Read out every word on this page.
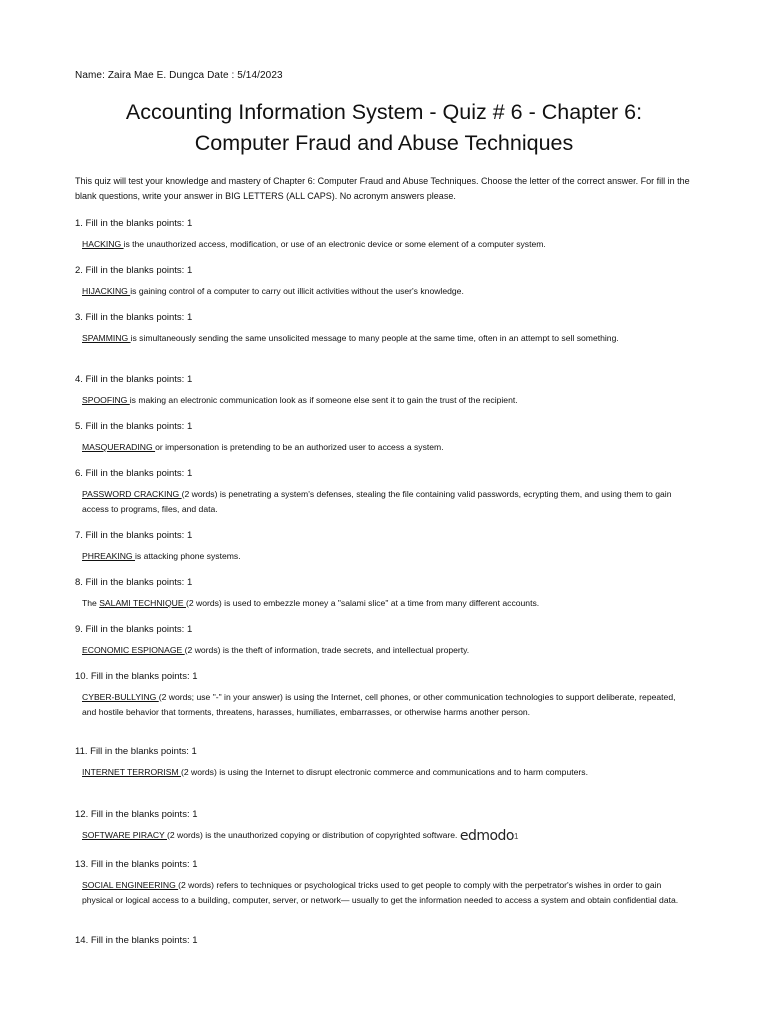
Name: Zaira Mae E. Dungca Date : 5/14/2023
Accounting Information System - Quiz # 6 - Chapter 6:
Computer Fraud and Abuse Techniques
This quiz will test your knowledge and mastery of Chapter 6: Computer Fraud and Abuse Techniques. Choose the letter of the correct answer. For fill in the blank questions, write your answer in BIG LETTERS (ALL CAPS). No acronym answers please.

1. Fill in the blanks points: 1

HACKING is the unauthorized access, modification, or use of an electronic device or some element of a computer system.

2. Fill in the blanks points: 1

HIJACKING is gaining control of a computer to carry out illicit activities without the user's knowledge.

3. Fill in the blanks points: 1

SPAMMING is simultaneously sending the same unsolicited message to many people at the same time, often in an attempt to sell something.

4. Fill in the blanks points: 1

SPOOFING is making an electronic communication look as if someone else sent it to gain the trust of the recipient.

5. Fill in the blanks points: 1

MASQUERADING or impersonation is pretending to be an authorized user to access a system.

6. Fill in the blanks points: 1

PASSWORD CRACKING (2 words) is penetrating a system's defenses, stealing the file containing valid passwords, ecrypting them, and using them to gain access to programs, files, and data.

7. Fill in the blanks points: 1

PHREAKING is attacking phone systems.

8. Fill in the blanks points: 1

The SALAMI TECHNIQUE (2 words) is used to embezzle money a "salami slice" at a time from many different accounts.

9. Fill in the blanks points: 1

ECONOMIC ESPIONAGE (2 words) is the theft of information, trade secrets, and intellectual property.

10. Fill in the blanks points: 1

CYBER-BULLYING (2 words; use "-" in your answer) is using the Internet, cell phones, or other communication technologies to support deliberate, repeated, and hostile behavior that torments, threatens, harasses, humiliates, embarrasses, or otherwise harms another person.

11. Fill in the blanks points: 1

INTERNET TERRORISM (2 words) is using the Internet to disrupt electronic commerce and communications and to harm computers.

12. Fill in the blanks points: 1

SOFTWARE PIRACY (2 words) is the unauthorized copying or distribution of copyrighted software. edmodo1

13. Fill in the blanks points: 1

SOCIAL ENGINEERING (2 words) refers to techniques or psychological tricks used to get people to comply with the perpetrator's wishes in order to gain physical or logical access to a building, computer, server, or network— usually to get the information needed to access a system and obtain confidential data.

14. Fill in the blanks points: 1
